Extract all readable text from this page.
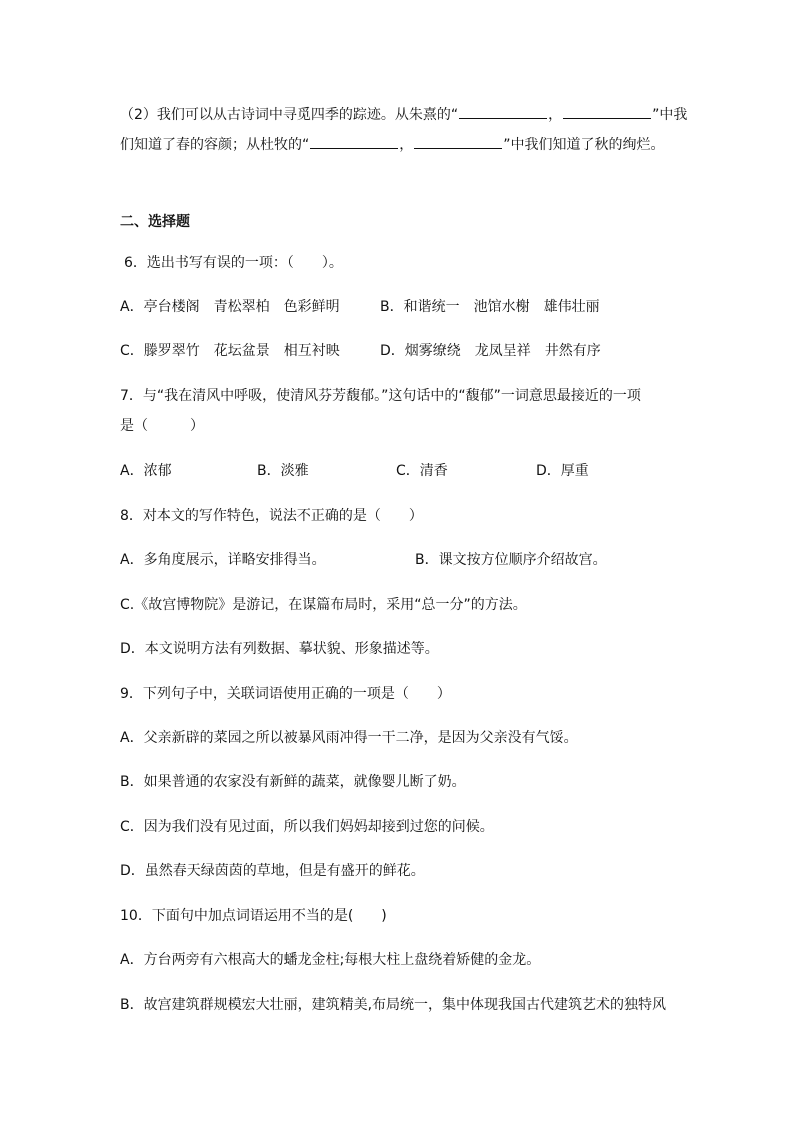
（2）我们可以从古诗词中寻觅四季的踪迹。从朱熹的“	，	”中我
们知道了春的容颜；从杜牧的“	，	”中我们知道了秋的绚烂。
二、选择题
6．选出书写有误的一项：（　　）。
A．亭台楼阁　青松翠柏　色彩鲜明	B．和谐统一　池馆水榭　雄伟壮丽
C．滕罗翠竹　花坛盆景　相互衬映	D．烟雾缭绕　龙凤呈祥　井然有序
7．与“我在清风中呼吸，使清风芬芳馥郁。”这句话中的“馥郁”一词意思最接近的一项
是（　　　）
A．浓郁	B．淡雅	C．清香	D．厚重
8．对本文的写作特色，说法不正确的是（　　）
A．多角度展示，详略安排得当。	B．课文按方位顺序介绍故宫。
C.《故宫博物院》是游记，在谋篇布局时，采用“总一分”的方法。
D．本文说明方法有列数据、摹状貌、形象描述等。
9．下列句子中，关联词语使用正确的一项是（　　）
A．父亲新辟的菜园之所以被暴风雨冲得一干二净，是因为父亲没有气馁。
B．如果普通的农家没有新鲜的蔬菜，就像婴儿断了奶。
C．因为我们没有见过面，所以我们妈妈却接到过您的问候。
D．虽然春天绿茵茵的草地，但是有盛开的鲜花。
10．下面句中加点词语运用不当的是(　　)
A．方台两旁有六根高大的蟠龙金柱;每根大柱上盘绕着矫健的金龙。
B．故宫建筑群规模宏大壮丽，建筑精美,布局统一，集中体现我国古代建筑艺术的独特风
